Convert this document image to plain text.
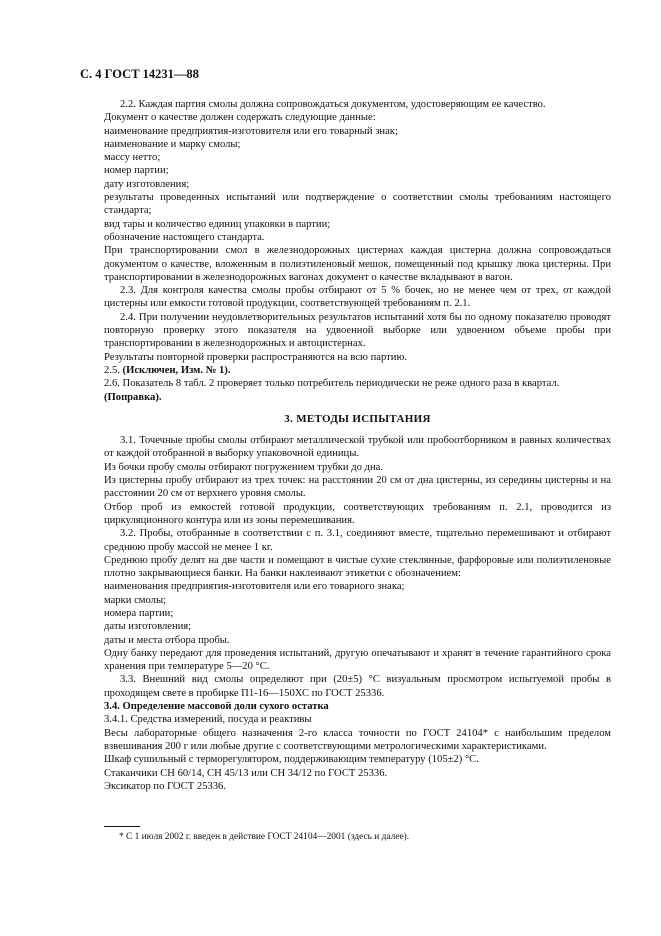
С. 4 ГОСТ 14231—88

2.2. Каждая партия смолы должна сопровождаться документом, удостоверяющим ее качество.

Документ о качестве должен содержать следующие данные:

наименование предприятия-изготовителя или его товарный знак;

наименование и марку смолы;

массу нетто;

номер партии;

дату изготовления;

результаты проведенных испытаний или подтверждение о соответствии смолы требованиям настоящего стандарта;

вид тары и количество единиц упаковки в партии;

обозначение настоящего стандарта.

При транспортировании смол в железнодорожных цистернах каждая цистерна должна сопровождаться документом о качестве, вложенным в полиэтиленовый мешок, помещенный под крышку люка цистерны. При транспортировании в железнодорожных вагонах документ о качестве вкладывают в вагон.

2.3. Для контроля качества смолы пробы отбирают от 5 % бочек, но не менее чем от трех, от каждой цистерны или емкости готовой продукции, соответствующей требованиям п. 2.1.

2.4. При получении неудовлетворительных результатов испытаний хотя бы по одному показателю проводят повторную проверку этого показателя на удвоенной выборке или удвоенном объеме пробы при транспортировании в железнодорожных и автоцистернах.

Результаты повторной проверки распространяются на всю партию.

2.5. (Исключен, Изм. № 1).

2.6. Показатель 8 табл. 2 проверяет только потребитель периодически не реже одного раза в квартал.

(Поправка).

3. МЕТОДЫ ИСПЫТАНИЯ

3.1. Точечные пробы смолы отбирают металлической трубкой или пробоотборником в равных количествах от каждой отобранной в выборку упаковочной единицы.

Из бочки пробу смолы отбирают погружением трубки до дна.

Из цистерны пробу отбирают из трех точек: на расстоянии 20 см от дна цистерны, из середины цистерны и на расстоянии 20 см от верхнего уровня смолы.

Отбор проб из емкостей готовой продукции, соответствующих требованиям п. 2.1, проводится из циркуляционного контура или из зоны перемешивания.

3.2. Пробы, отобранные в соответствии с п. 3.1, соединяют вместе, тщательно перемешивают и отбирают среднюю пробу массой не менее 1 кг.

Среднюю пробу делят на две части и помещают в чистые сухие стеклянные, фарфоровые или полиэтиленовые плотно закрывающиеся банки. На банки наклеивают этикетки с обозначением:

наименования предприятия-изготовителя или его товарного знака;

марки смолы;

номера партии;

даты изготовления;

даты и места отбора пробы.

Одну банку передают для проведения испытаний, другую опечатывают и хранят в течение гарантийного срока хранения при температуре 5—20 °С.

3.3. Внешний вид смолы определяют при (20±5) °С визуальным просмотром испытуемой пробы в проходящем свете в пробирке П1-16—150ХС по ГОСТ 25336.

3.4. Определение массовой доли сухого остатка

3.4.1. Средства измерений, посуда и реактивы

Весы лабораторные общего назначения 2-го класса точности по ГОСТ 24104* с наибольшим пределом взвешивания 200 г или любые другие с соответствующими метрологическими характеристиками.

Шкаф сушильный с терморегулятором, поддерживающим температуру (105±2) °С.

Стаканчики СН 60/14, СН 45/13 или СН 34/12 по ГОСТ 25336.

Эксикатор по ГОСТ 25336.

* С 1 июля 2002 г. введен в действие ГОСТ 24104—2001 (здесь и далее).
